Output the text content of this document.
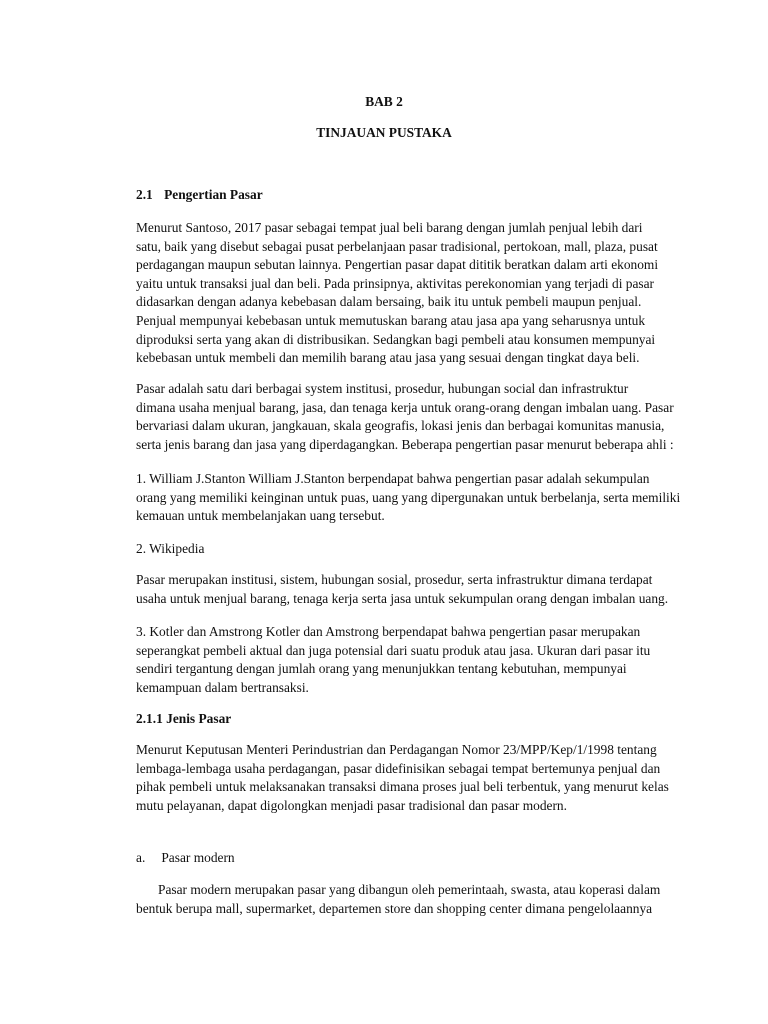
BAB 2
TINJAUAN PUSTAKA
2.1 Pengertian Pasar
Menurut Santoso, 2017 pasar sebagai tempat jual beli barang dengan jumlah penjual lebih dari
satu, baik yang disebut sebagai pusat perbelanjaan pasar tradisional, pertokoan, mall, plaza, pusat
perdagangan maupun sebutan lainnya. Pengertian pasar dapat dititik beratkan dalam arti ekonomi
yaitu untuk transaksi jual dan beli. Pada prinsipnya, aktivitas perekonomian yang terjadi di pasar
didasarkan dengan adanya kebebasan dalam bersaing, baik itu untuk pembeli maupun penjual.
Penjual mempunyai kebebasan untuk memutuskan barang atau jasa apa yang seharusnya untuk
diproduksi serta yang akan di distribusikan. Sedangkan bagi pembeli atau konsumen mempunyai
kebebasan untuk membeli dan memilih barang atau jasa yang sesuai dengan tingkat daya beli.
Pasar adalah satu dari berbagai system institusi, prosedur, hubungan social dan infrastruktur
dimana usaha menjual barang, jasa, dan tenaga kerja untuk orang-orang dengan imbalan uang. Pasar
bervariasi dalam ukuran, jangkauan, skala geografis, lokasi jenis dan berbagai komunitas manusia,
serta jenis barang dan jasa yang diperdagangkan. Beberapa pengertian pasar menurut beberapa ahli :
1. William J.Stanton William J.Stanton berpendapat bahwa pengertian pasar adalah sekumpulan
orang yang memiliki keinginan untuk puas, uang yang dipergunakan untuk berbelanja, serta memiliki
kemauan untuk membelanjakan uang tersebut.
2. Wikipedia
Pasar merupakan institusi, sistem, hubungan sosial, prosedur, serta infrastruktur dimana terdapat
usaha untuk menjual barang, tenaga kerja serta jasa untuk sekumpulan orang dengan imbalan uang.
3. Kotler dan Amstrong Kotler dan Amstrong berpendapat bahwa pengertian pasar merupakan
seperangkat pembeli aktual dan juga potensial dari suatu produk atau jasa. Ukuran dari pasar itu
sendiri tergantung dengan jumlah orang yang menunjukkan tentang kebutuhan, mempunyai
kemampuan dalam bertransaksi.
2.1.1 Jenis Pasar
Menurut Keputusan Menteri Perindustrian dan Perdagangan Nomor 23/MPP/Kep/1/1998 tentang
lembaga-lembaga usaha perdagangan, pasar didefinisikan sebagai tempat bertemunya penjual dan
pihak pembeli untuk melaksanakan transaksi dimana proses jual beli terbentuk, yang menurut kelas
mutu pelayanan, dapat digolongkan menjadi pasar tradisional dan pasar modern.
a. Pasar modern
Pasar modern merupakan pasar yang dibangun oleh pemerintaah, swasta, atau koperasi dalam
bentuk berupa mall, supermarket, departemen store dan shopping center dimana pengelolaannya
